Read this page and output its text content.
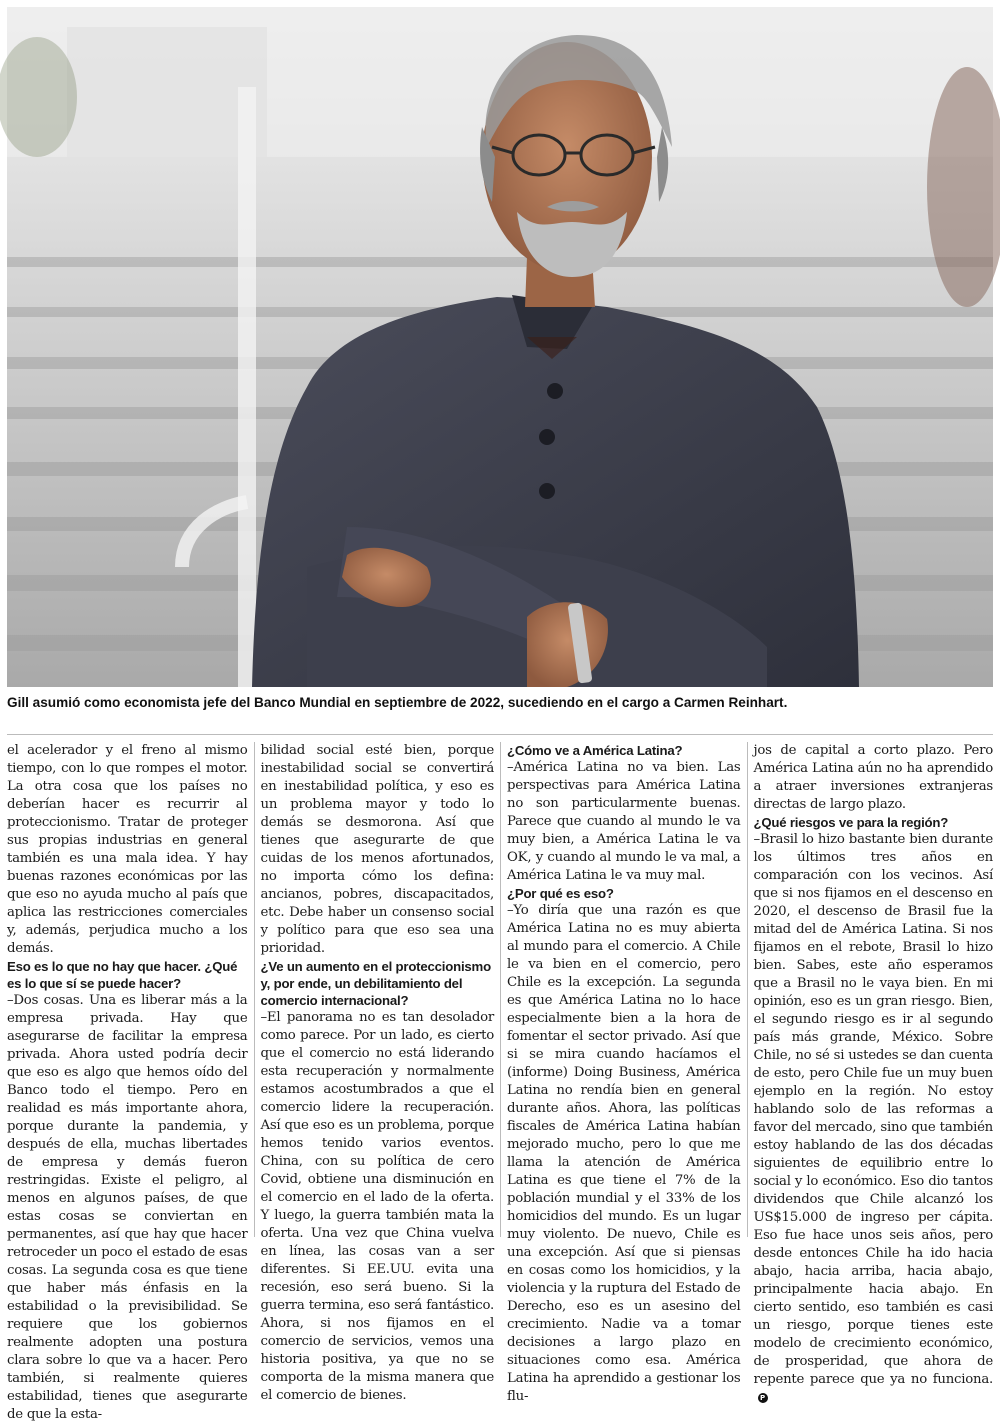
Gill asumió como economista jefe del Banco Mundial en septiembre de 2022, sucediendo en el cargo a Carmen Reinhart.

el acelerador y el freno al mismo tiempo, con lo que rompes el motor. La otra cosa que los países no deberían hacer es recurrir al proteccionismo. Tratar de proteger sus propias industrias en general también es una mala idea. Y hay buenas razones económicas por las que eso no ayuda mucho al país que aplica las restricciones comerciales y, además, perjudica mucho a los demás.

Eso es lo que no hay que hacer. ¿Qué es lo que sí se puede hacer?

–Dos cosas. Una es liberar más a la empresa privada. Hay que asegurarse de facilitar la empresa privada. Ahora usted podría decir que eso es algo que hemos oído del Banco todo el tiempo. Pero en realidad es más importante ahora, porque durante la pandemia, y después de ella, muchas libertades de empresa y demás fueron restringidas. Existe el peligro, al menos en algunos países, de que estas cosas se conviertan en permanentes, así que hay que hacer retroceder un poco el estado de esas cosas. La segunda cosa es que tiene que haber más énfasis en la estabilidad o la previsibilidad. Se requiere que los gobiernos realmente adopten una postura clara sobre lo que va a hacer. Pero también, si realmente quieres estabilidad, tienes que asegurarte de que la esta-

bilidad social esté bien, porque inestabilidad social se convertirá en inestabilidad política, y eso es un problema mayor y todo lo demás se desmorona. Así que tienes que asegurarte de que cuidas de los menos afortunados, no importa cómo los defina: ancianos, pobres, discapacitados, etc. Debe haber un consenso social y político para que eso sea una prioridad.

¿Ve un aumento en el proteccionismo y, por ende, un debilitamiento del comercio internacional?

–El panorama no es tan desolador como parece. Por un lado, es cierto que el comercio no está liderando esta recuperación y normalmente estamos acostumbrados a que el comercio lidere la recuperación. Así que eso es un problema, porque hemos tenido varios eventos. China, con su política de cero Covid, obtiene una disminución en el comercio en el lado de la oferta. Y luego, la guerra también mata la oferta. Una vez que China vuelva en línea, las cosas van a ser diferentes. Si EE.UU. evita una recesión, eso será bueno. Si la guerra termina, eso será fantástico. Ahora, si nos fijamos en el comercio de servicios, vemos una historia positiva, ya que no se comporta de la misma manera que el comercio de bienes.

¿Cómo ve a América Latina?

–América Latina no va bien. Las perspectivas para América Latina no son particularmente buenas. Parece que cuando al mundo le va muy bien, a América Latina le va OK, y cuando al mundo le va mal, a América Latina le va muy mal.

¿Por qué es eso?

–Yo diría que una razón es que América Latina no es muy abierta al mundo para el comercio. A Chile le va bien en el comercio, pero Chile es la excepción. La segunda es que América Latina no lo hace especialmente bien a la hora de fomentar el sector privado. Así que si se mira cuando hacíamos el (informe) Doing Business, América Latina no rendía bien en general durante años. Ahora, las políticas fiscales de América Latina habían mejorado mucho, pero lo que me llama la atención de América Latina es que tiene el 7% de la población mundial y el 33% de los homicidios del mundo. Es un lugar muy violento. De nuevo, Chile es una excepción. Así que si piensas en cosas como los homicidios, y la violencia y la ruptura del Estado de Derecho, eso es un asesino del crecimiento. Nadie va a tomar decisiones a largo plazo en situaciones como esa. América Latina ha aprendido a gestionar los flu-

jos de capital a corto plazo. Pero América Latina aún no ha aprendido a atraer inversiones extranjeras directas de largo plazo.

¿Qué riesgos ve para la región?

–Brasil lo hizo bastante bien durante los últimos tres años en comparación con los vecinos. Así que si nos fijamos en el descenso en 2020, el descenso de Brasil fue la mitad del de América Latina. Si nos fijamos en el rebote, Brasil lo hizo bien. Sabes, este año esperamos que a Brasil no le vaya bien. En mi opinión, eso es un gran riesgo. Bien, el segundo riesgo es ir al segundo país más grande, México. Sobre Chile, no sé si ustedes se dan cuenta de esto, pero Chile fue un muy buen ejemplo en la región. No estoy hablando solo de las reformas a favor del mercado, sino que también estoy hablando de las dos décadas siguientes de equilibrio entre lo social y lo económico. Eso dio tantos dividendos que Chile alcanzó los US$15.000 de ingreso per cápita. Eso fue hace unos seis años, pero desde entonces Chile ha ido hacia abajo, hacia arriba, hacia abajo, principalmente hacia abajo. En cierto sentido, eso también es casi un riesgo, porque tienes este modelo de crecimiento económico, de prosperidad, que ahora de repente parece que ya no funciona.P
